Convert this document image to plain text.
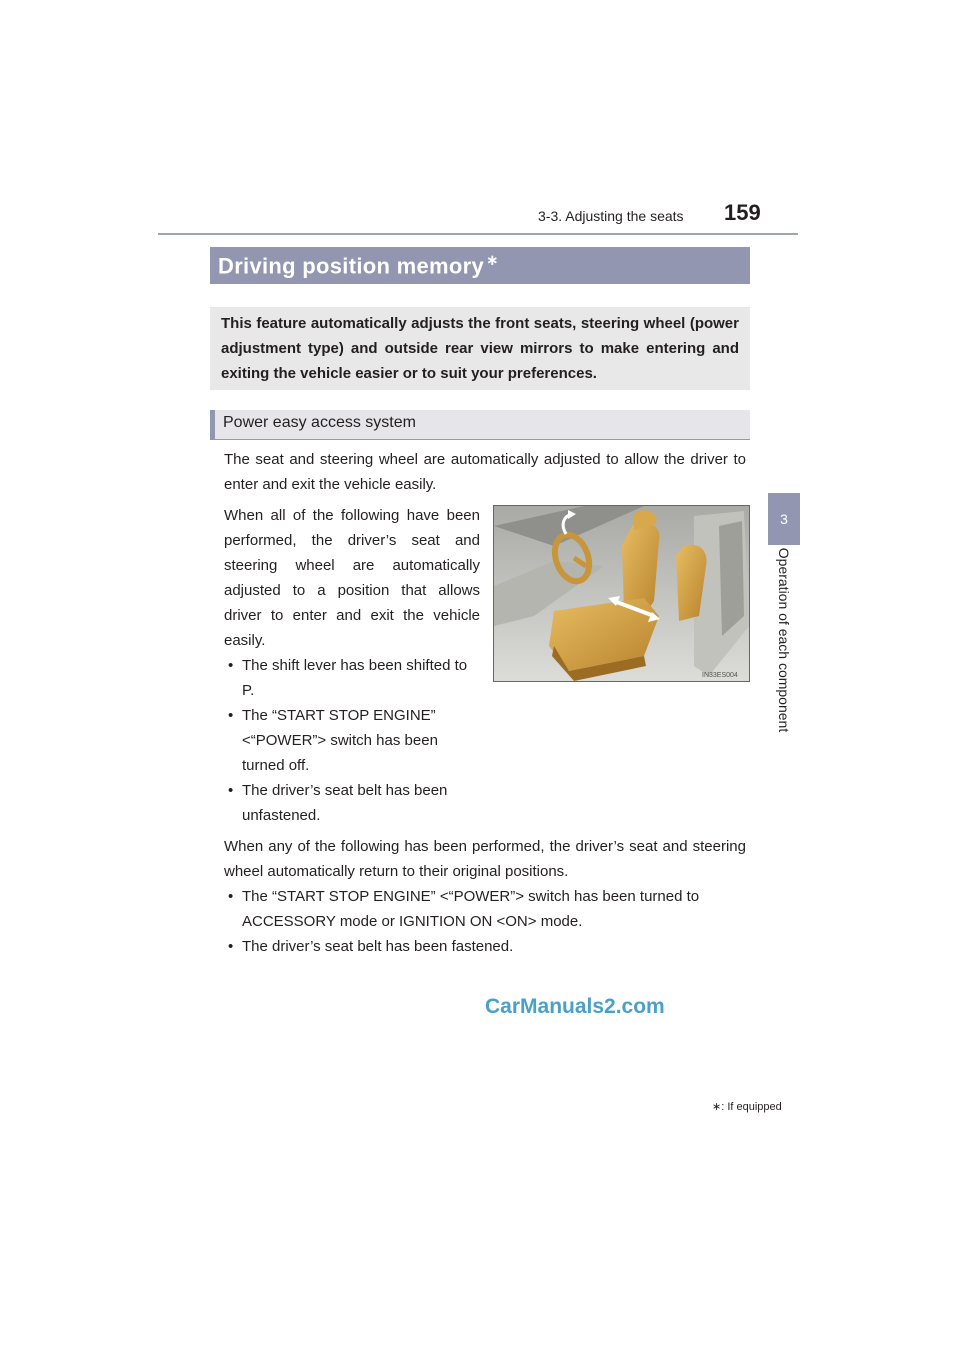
3-3. Adjusting the seats 159
3
Operation of each component
Driving position memory ∗
This feature automatically adjusts the front seats, steering wheel (power adjustment type) and outside rear view mirrors to make entering and exiting the vehicle easier or to suit your preferences.
Power easy access system
The seat and steering wheel are automatically adjusted to allow the driver to enter and exit the vehicle easily.
When all of the following have been performed, the driver’s seat and steering wheel are automatically adjusted to a position that allows driver to enter and exit the vehicle easily.
• The shift lever has been shifted to
P.
• The “START STOP ENGINE”
<“POWER”> switch has been
turned off.
• The driver’s seat belt has been
unfastened.
IN33ES004
When any of the following has been performed, the driver’s seat and steering wheel automatically return to their original positions.
• The “START STOP ENGINE” <“POWER”> switch has been turned to
ACCESSORY mode or IGNITION ON <ON> mode.
• The driver’s seat belt has been fastened.
CarManuals2.com
∗: If equipped
